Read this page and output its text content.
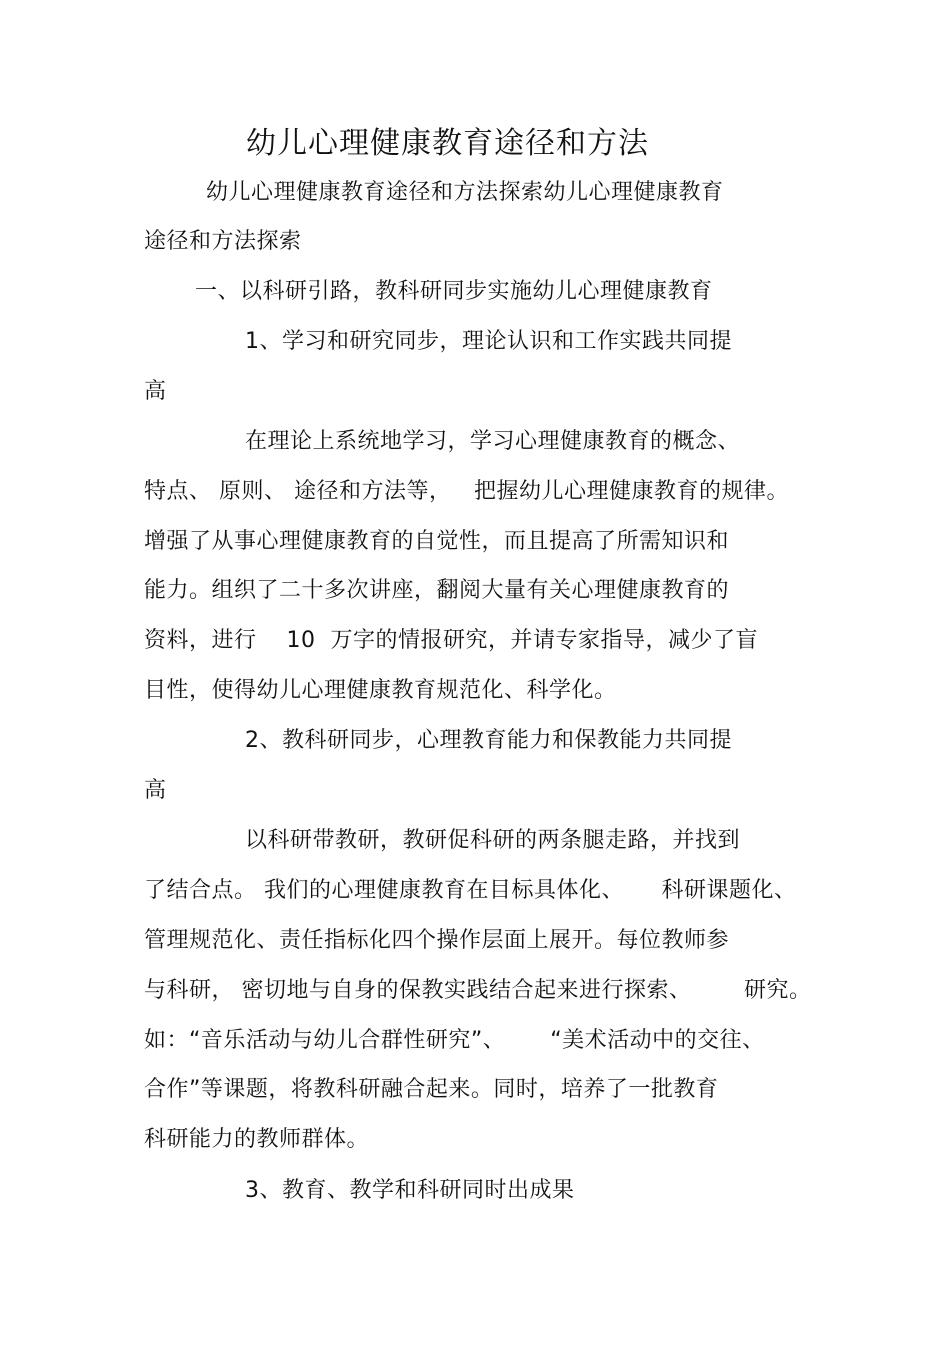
幼儿心理健康教育途径和方法
幼儿心理健康教育途径和方法探索幼儿心理健康教育
途径和方法探索
一、以科研引路，教科研同步实施幼儿心理健康教育
1、学习和研究同步，理论认识和工作实践共同提
高
在理论上系统地学习，学习心理健康教育的概念、
特点、 原则、 途径和方法等，   把握幼儿心理健康教育的规律。
增强了从事心理健康教育的自觉性，而且提高了所需知识和
能力。组织了二十多次讲座，翻阅大量有关心理健康教育的
资料，进行    10  万字的情报研究，并请专家指导，减少了盲
目性，使得幼儿心理健康教育规范化、科学化。
2、教科研同步，心理教育能力和保教能力共同提
高
以科研带教研，教研促科研的两条腿走路，并找到
了结合点。 我们的心理健康教育在目标具体化、     科研课题化、
管理规范化、责任指标化四个操作层面上展开。每位教师参
与科研， 密切地与自身的保教实践结合起来进行探索、       研究。
如：“音乐活动与幼儿合群性研究”、      “美术活动中的交往、
合作”等课题，将教科研融合起来。同时，培养了一批教育
科研能力的教师群体。
3、教育、教学和科研同时出成果
